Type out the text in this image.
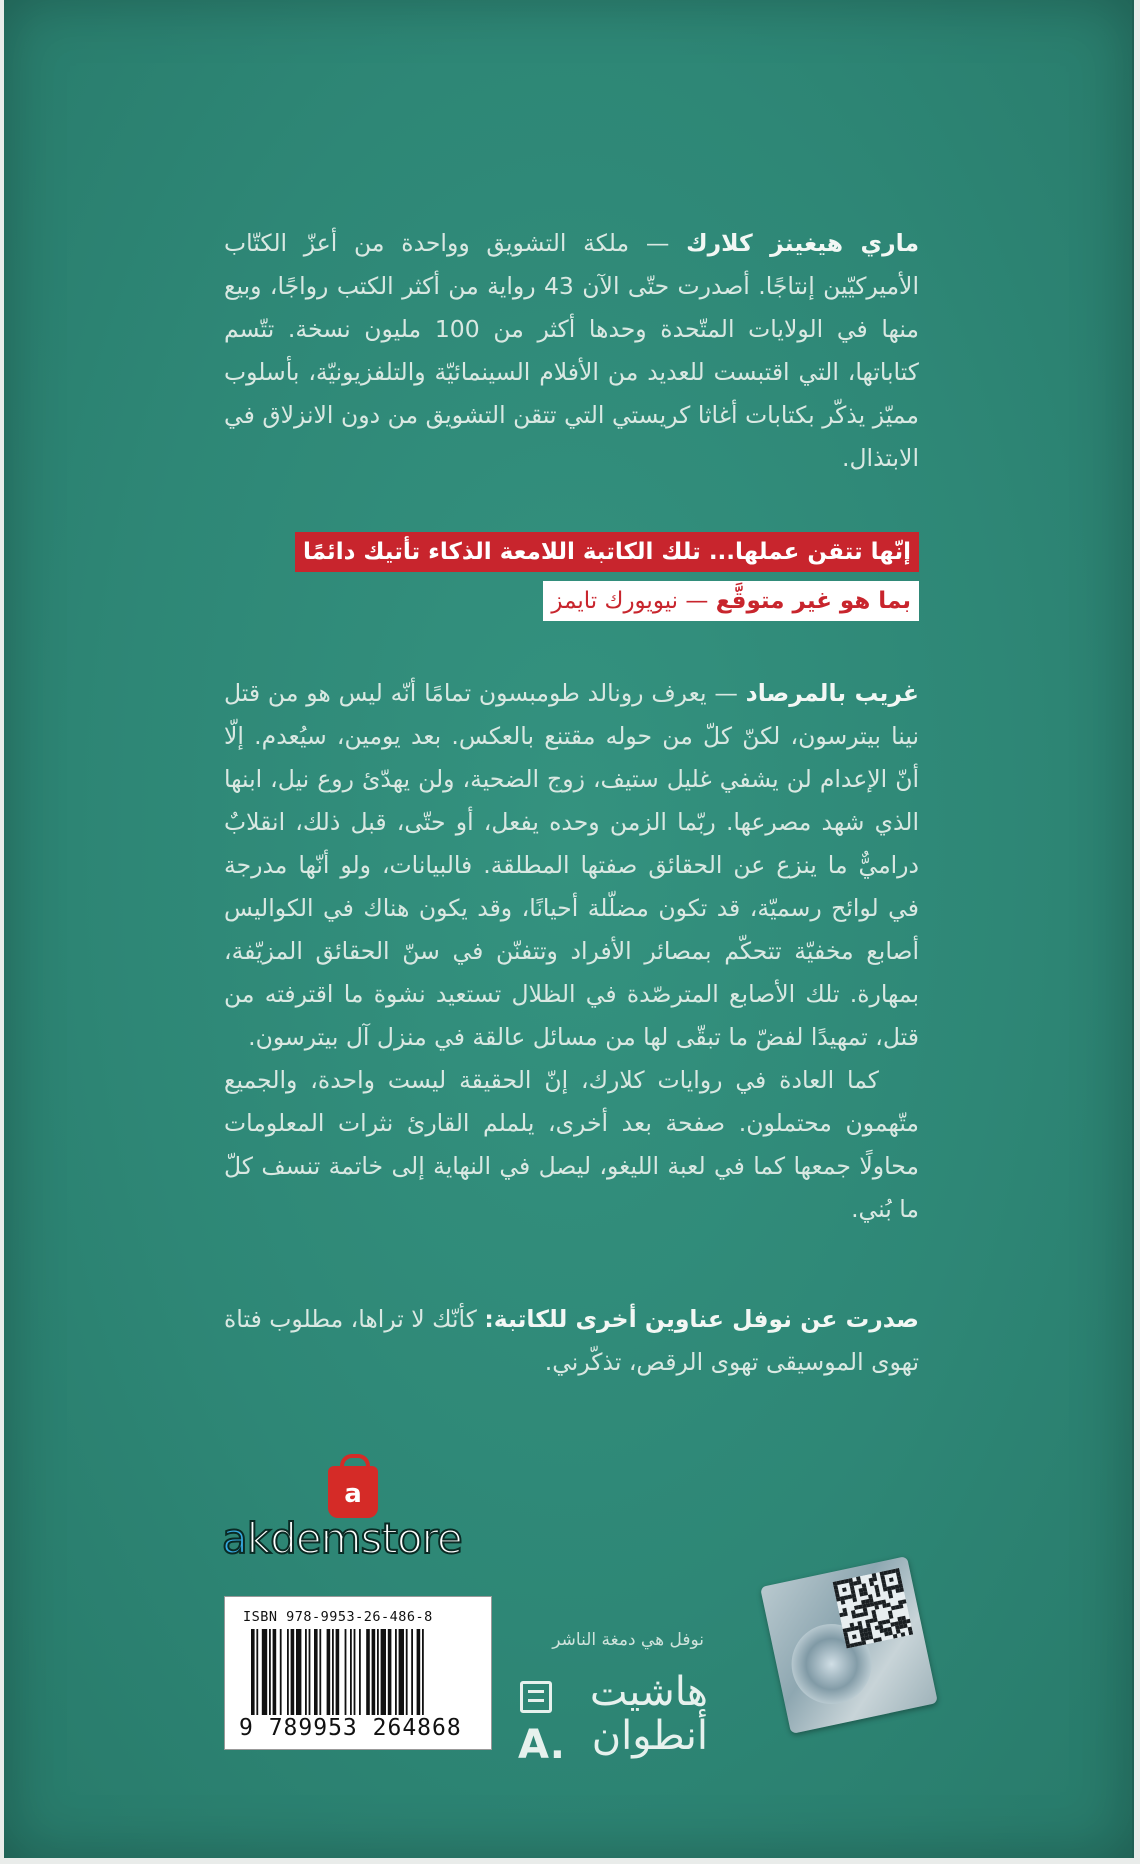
ماري هيغينز كلارك — ملكة التشويق وواحدة من أعزّ الكتّاب الأميركيّين إنتاجًا. أصدرت حتّى الآن 43 رواية من أكثر الكتب رواجًا، وبيع منها في الولايات المتّحدة وحدها أكثر من 100 مليون نسخة. تتّسم كتاباتها، التي اقتبست للعديد من الأفلام السينمائيّة والتلفزيونيّة، بأسلوب مميّز يذكّر بكتابات أغاثا كريستي التي تتقن التشويق من دون الانزلاق في الابتذال.

إنّها تتقن عملها... تلك الكاتبة اللامعة الذكاء تأتيك دائمًا
بما هو غير متوقَّع — نيويورك تايمز

غريب بالمرصاد — يعرف رونالد طومبسون تمامًا أنّه ليس هو من قتل نينا بيترسون، لكنّ كلّ من حوله مقتنع بالعكس. بعد يومين، سيُعدم. إلّا أنّ الإعدام لن يشفي غليل ستيف، زوج الضحية، ولن يهدّئ روع نيل، ابنها الذي شهد مصرعها. ربّما الزمن وحده يفعل، أو حتّى، قبل ذلك، انقلابٌ دراميٌّ ما ينزع عن الحقائق صفتها المطلقة. فالبيانات، ولو أنّها مدرجة في لوائح رسميّة، قد تكون مضلّلة أحيانًا، وقد يكون هناك في الكواليس أصابع مخفيّة تتحكّم بمصائر الأفراد وتتفنّن في سنّ الحقائق المزيّفة، بمهارة. تلك الأصابع المترصّدة في الظلال تستعيد نشوة ما اقترفته من قتل، تمهيدًا لفضّ ما تبقّى لها من مسائل عالقة في منزل آل بيترسون.
كما العادة في روايات كلارك، إنّ الحقيقة ليست واحدة، والجميع متّهمون محتملون. صفحة بعد أخرى، يلملم القارئ نثرات المعلومات محاولًا جمعها كما في لعبة الليغو، ليصل في النهاية إلى خاتمة تنسف كلّ ما بُني.

صدرت عن نوفل عناوين أخرى للكاتبة: كأنّك لا تراها، مطلوب فتاة تهوى الموسيقى تهوى الرقص، تذكّرني.

a
akdemstore
ISBN 978-9953-26-486-8
9 789953 264868
نوفل هي دمغة الناشر
هاشيت
أنطوان
A.
